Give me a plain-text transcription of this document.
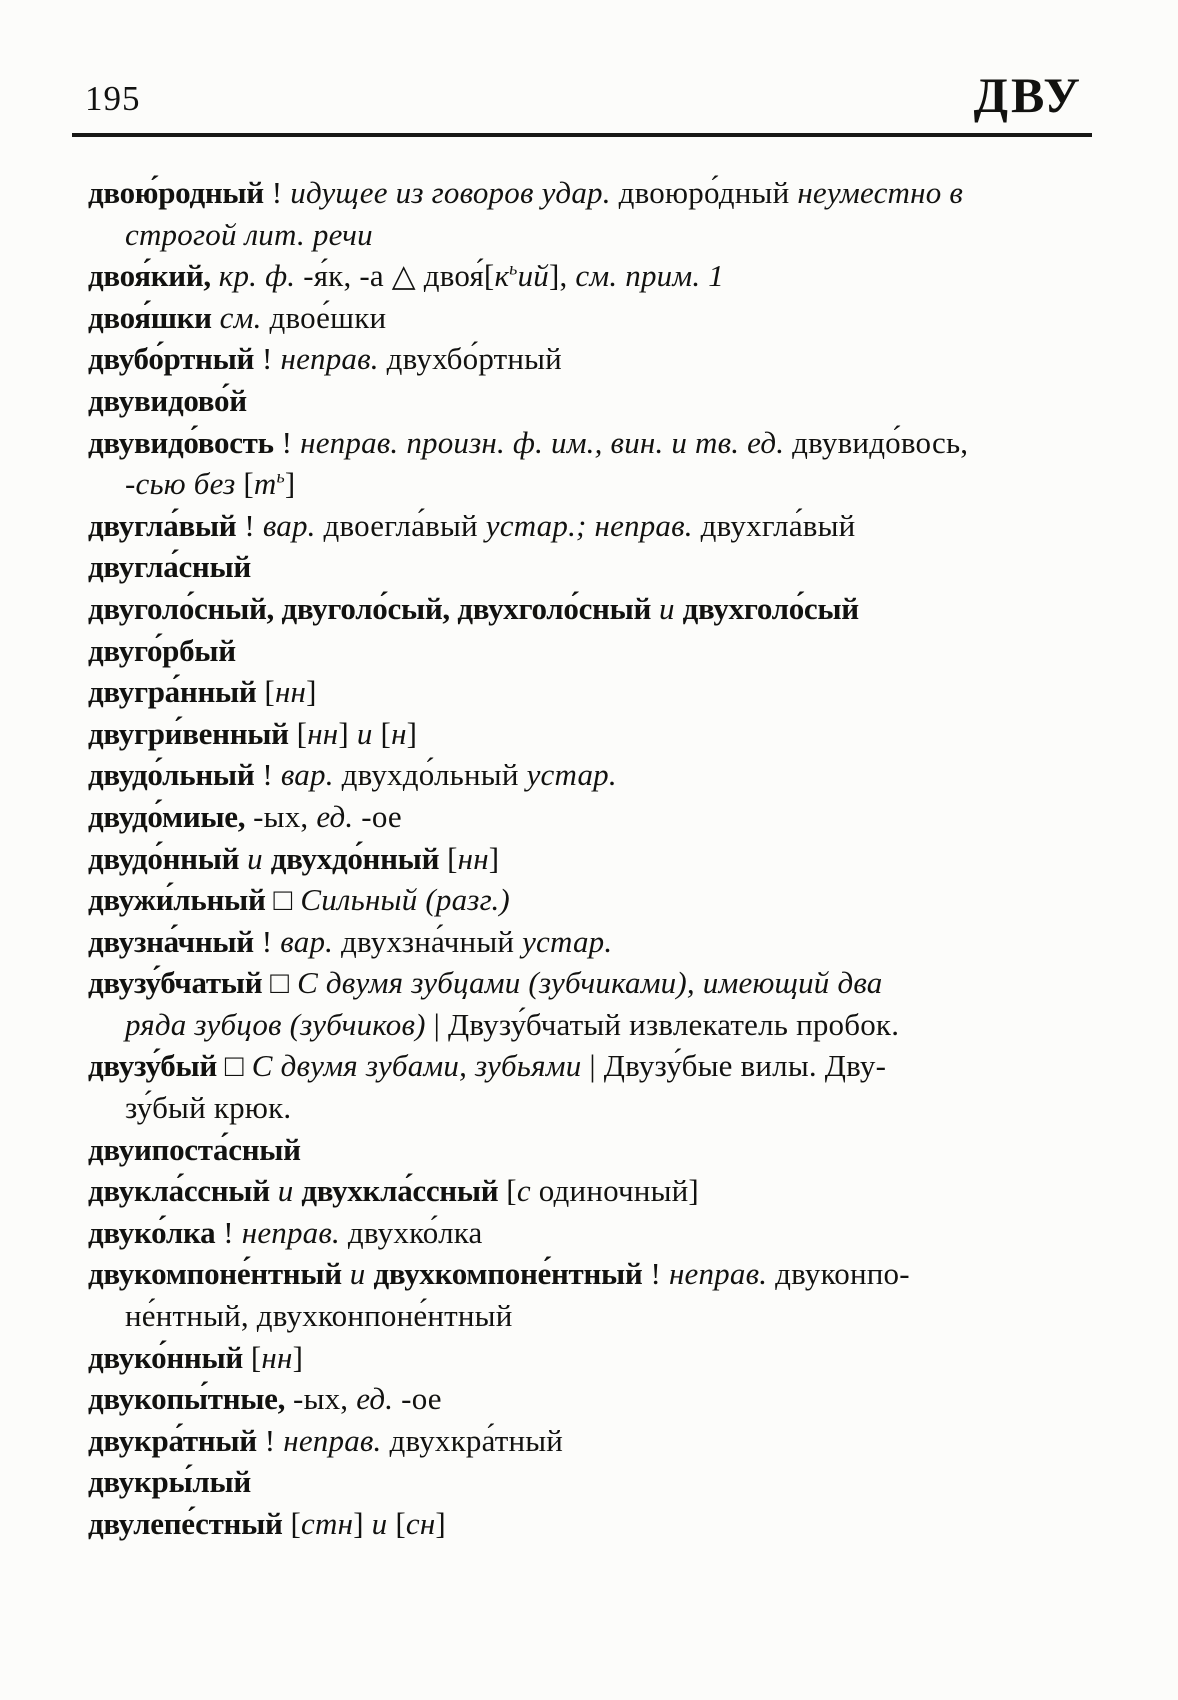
195	ДВУ
двою́родный ! идущее из говоров удар. двоюро́дный неуместно в
строгой лит. речи
двоя́кий, кр. ф. -я́к, -а △ $двоя́[к^ьий]$, см. прим. 1
двоя́шки см. двое́шки
двубо́ртный ! неправ. двухбо́ртный
двувидово́й
двувидо́вость ! неправ. произн. ф. им., вин. и тв. ед. двувидо́вось,
-сью без $[т^ь]$
двугла́вый ! вар. двоегла́вый устар.; неправ. двухгла́вый
двугла́сный
двуголо́сный, двуголо́сый, двухголо́сный и двухголо́сый
двуго́рбый
двугра́нный [нн]
двугри́венный [нн] и [н]
двудо́льный ! вар. двухдо́льный устар.
двудо́миые, -ых, ед. -ое
двудо́нный и двухдо́нный [нн]
двужи́льный □ Сильный (разг.)
двузна́чный ! вар. двухзна́чный устар.
двузу́бчатый □ С двумя зубцами (зубчиками), имеющий два
ряда зубцов (зубчиков) | Двузу́бчатый извлекатель пробок.
двузу́бый □ С двумя зубами, зубьями | Двузу́бые вилы. Дву-
зу́бый крюк.
двуипоста́сный
двукла́ссный и двухкла́ссный [с одиночный]
двуко́лка ! неправ. двухко́лка
двукомпоне́нтный и двухкомпоне́нтный ! неправ. двуконпо-
не́нтный, двухконпоне́нтный
двуко́нный [нн]
двукопы́тные, -ых, ед. -ое
двукра́тный ! неправ. двухкра́тный
двукры́лый
двулепе́стный [стн] и [сн]
